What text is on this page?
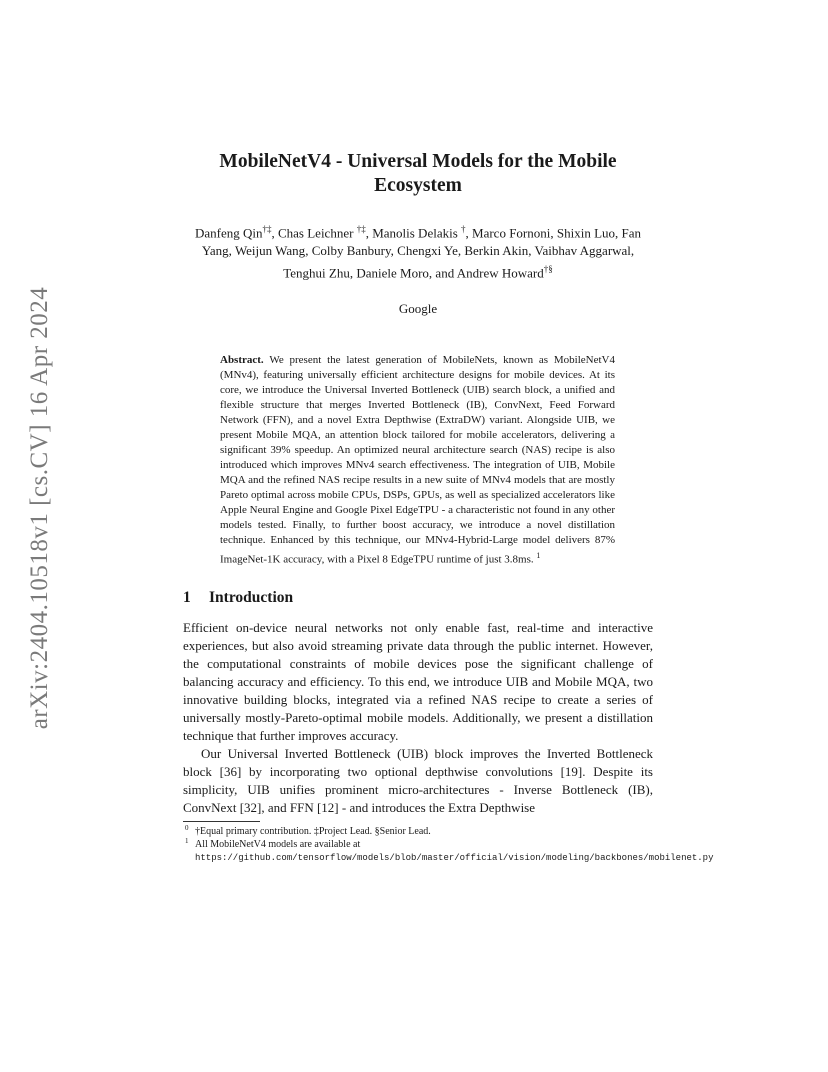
arXiv:2404.10518v1 [cs.CV] 16 Apr 2024
MobileNetV4 - Universal Models for the Mobile Ecosystem
Danfeng Qin†‡, Chas Leichner †‡, Manolis Delakis †, Marco Fornoni, Shixin Luo, Fan Yang, Weijun Wang, Colby Banbury, Chengxi Ye, Berkin Akin, Vaibhav Aggarwal, Tenghui Zhu, Daniele Moro, and Andrew Howard†§
Google
Abstract. We present the latest generation of MobileNets, known as MobileNetV4 (MNv4), featuring universally efficient architecture designs for mobile devices. At its core, we introduce the Universal Inverted Bottleneck (UIB) search block, a unified and flexible structure that merges Inverted Bottleneck (IB), ConvNext, Feed Forward Network (FFN), and a novel Extra Depthwise (ExtraDW) variant. Alongside UIB, we present Mobile MQA, an attention block tailored for mobile accelerators, delivering a significant 39% speedup. An optimized neural architecture search (NAS) recipe is also introduced which improves MNv4 search effectiveness. The integration of UIB, Mobile MQA and the refined NAS recipe results in a new suite of MNv4 models that are mostly Pareto optimal across mobile CPUs, DSPs, GPUs, as well as specialized accelerators like Apple Neural Engine and Google Pixel EdgeTPU - a characteristic not found in any other models tested. Finally, to further boost accuracy, we introduce a novel distillation technique. Enhanced by this technique, our MNv4-Hybrid-Large model delivers 87% ImageNet-1K accuracy, with a Pixel 8 EdgeTPU runtime of just 3.8ms. $^1$
1 Introduction

Efficient on-device neural networks not only enable fast, real-time and interactive experiences, but also avoid streaming private data through the public internet. However, the computational constraints of mobile devices pose the significant challenge of balancing accuracy and efficiency. To this end, we introduce UIB and Mobile MQA, two innovative building blocks, integrated via a refined NAS recipe to create a series of universally mostly-Pareto-optimal mobile models. Additionally, we present a distillation technique that further improves accuracy.

Our Universal Inverted Bottleneck (UIB) block improves the Inverted Bottleneck block [36] by incorporating two optional depthwise convolutions [19]. Despite its simplicity, UIB unifies prominent micro-architectures - Inverse Bottleneck (IB), ConvNext [32], and FFN [12] - and introduces the Extra Depthwise

0 †Equal primary contribution. ‡Project Lead. §Senior Lead.
1 All MobileNetV4 models are available at https://github.com/tensorflow/models/blob/master/official/vision/modeling/backbones/mobilenet.py
